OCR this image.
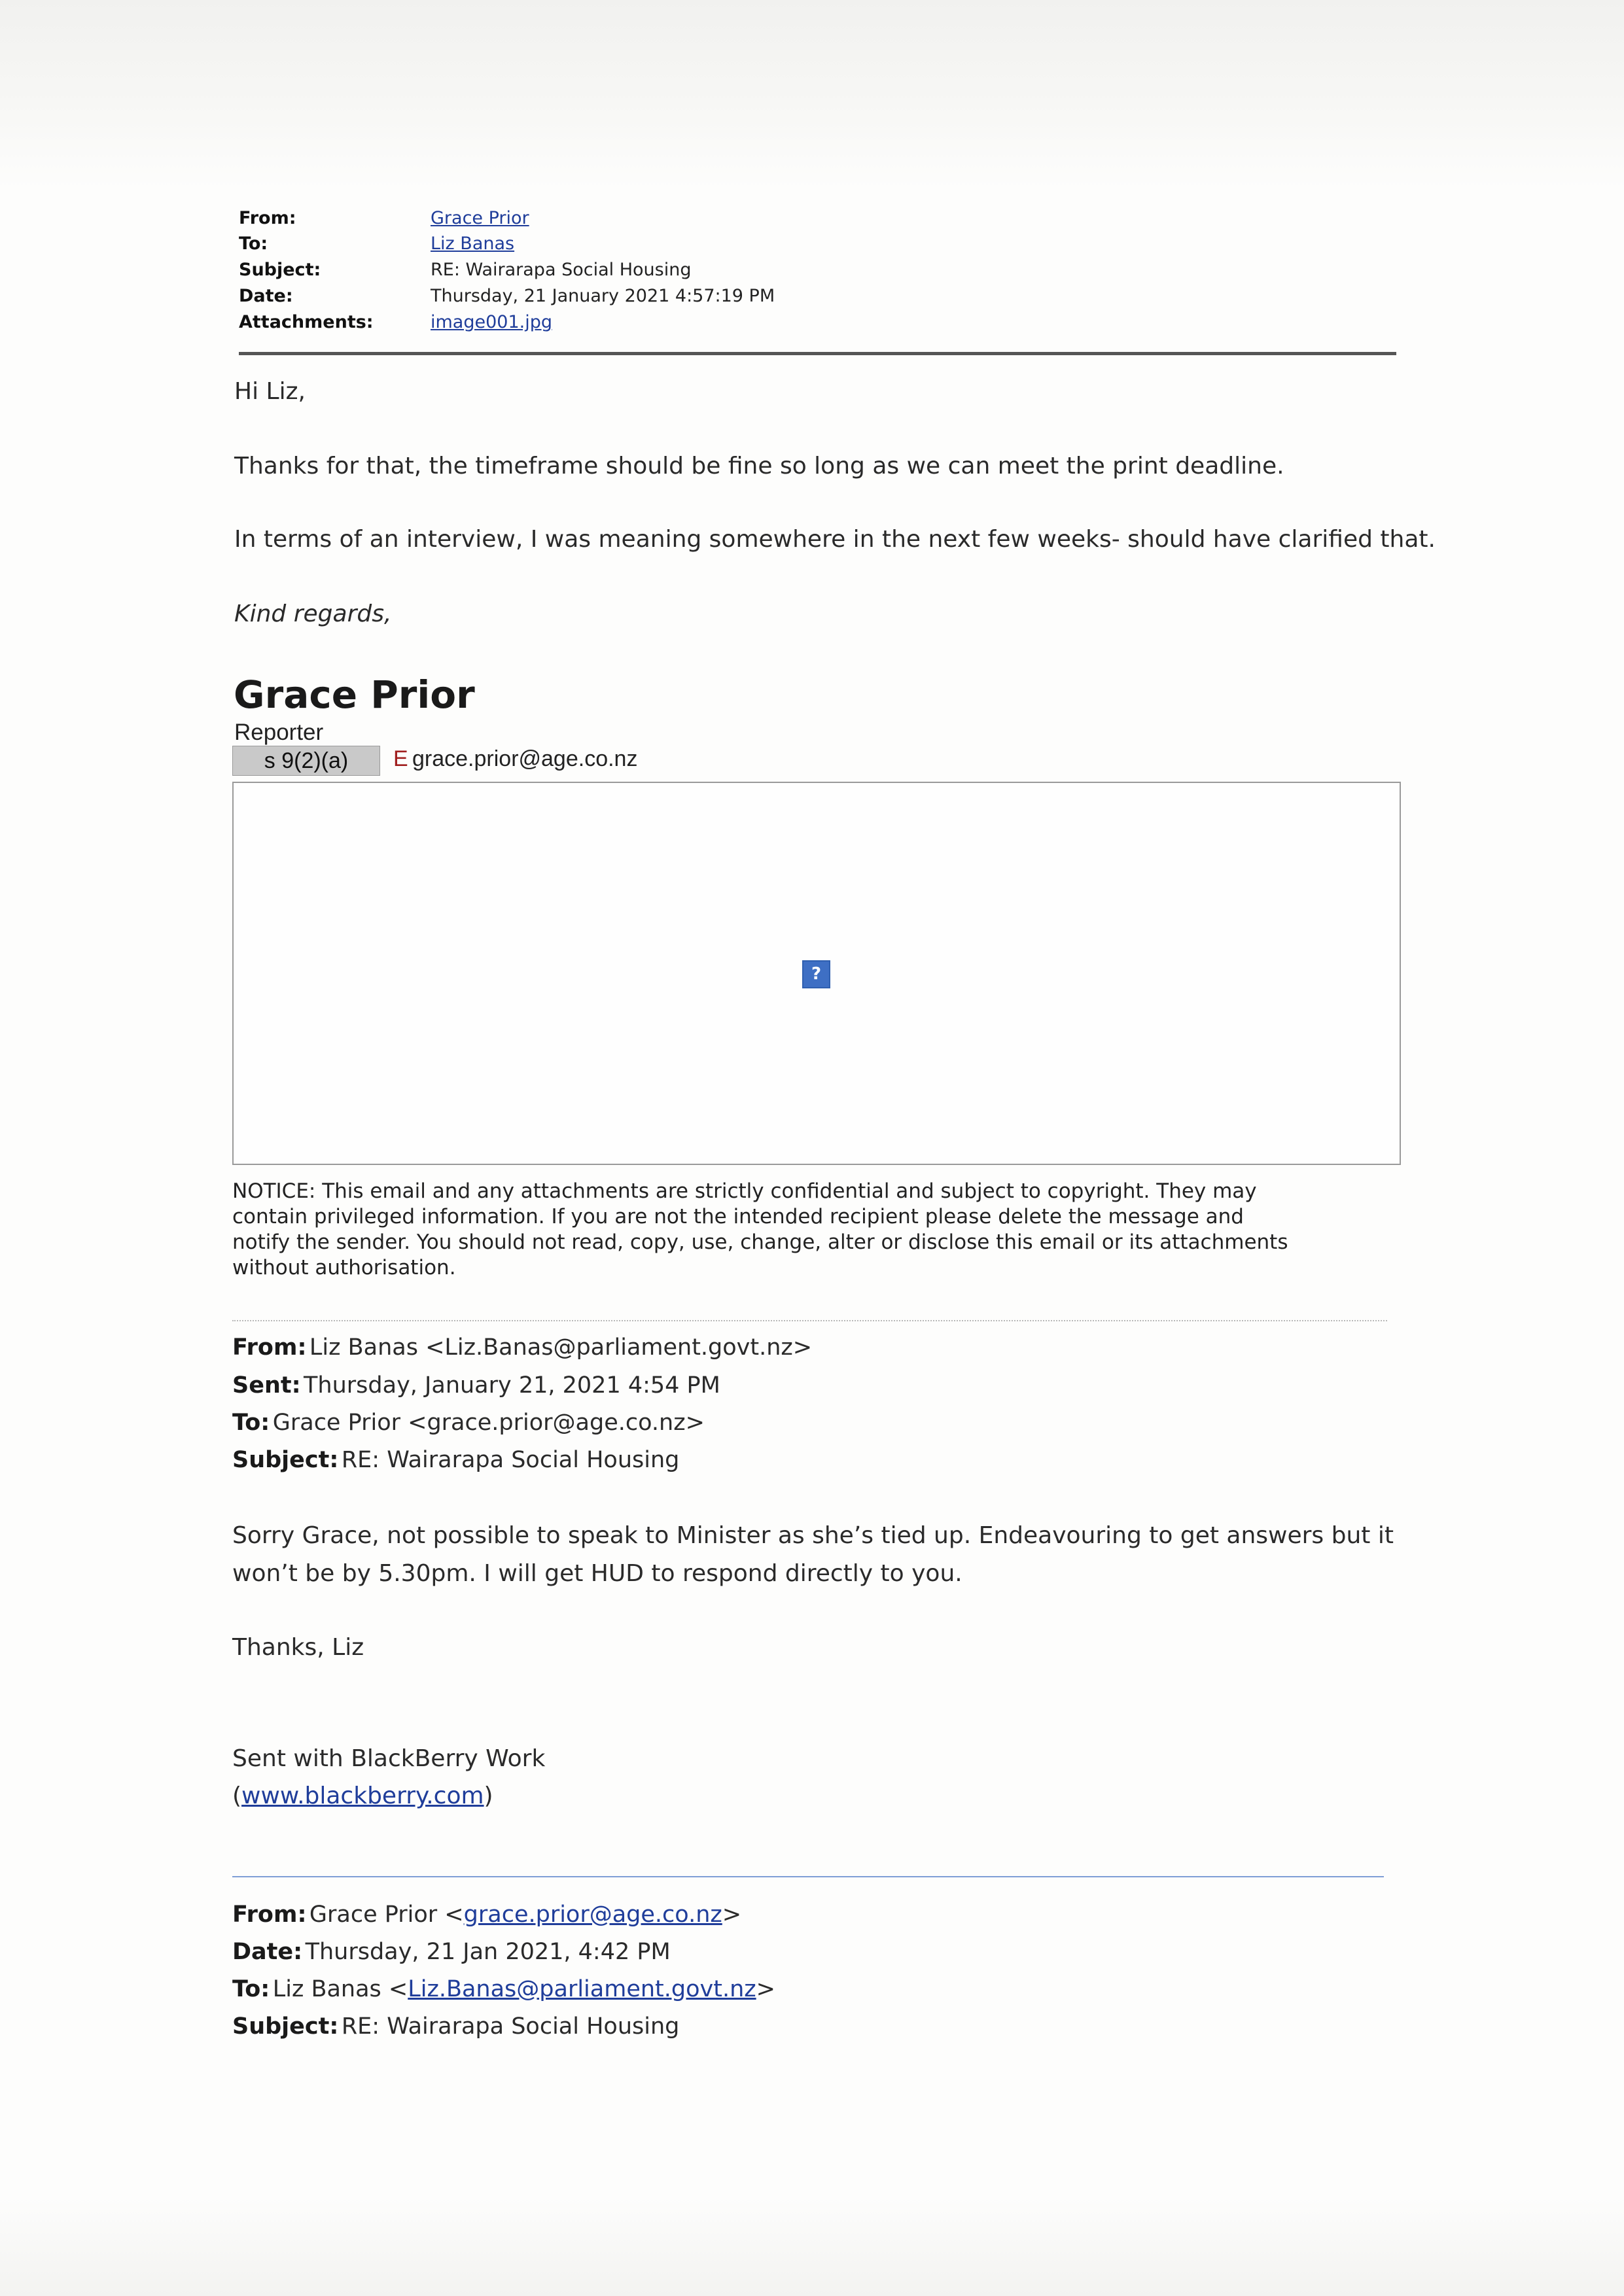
From:	Grace Prior
To:	Liz Banas
Subject:	RE: Wairarapa Social Housing
Date:	Thursday, 21 January 2021 4:57:19 PM
Attachments:	image001.jpg
Hi Liz,
Thanks for that, the timeframe should be fine so long as we can meet the print deadline.
In terms of an interview, I was meaning somewhere in the next few weeks- should have clarified that.
Kind regards,
Grace Prior
Reporter
s 9(2)(a)	E grace.prior@age.co.nz
?
NOTICE: This email and any attachments are strictly confidential and subject to copyright. They may
contain privileged information. If you are not the intended recipient please delete the message and
notify the sender. You should not read, copy, use, change, alter or disclose this email or its attachments
without authorisation.
From: Liz Banas <Liz.Banas@parliament.govt.nz>
Sent: Thursday, January 21, 2021 4:54 PM
To: Grace Prior <grace.prior@age.co.nz>
Subject: RE: Wairarapa Social Housing
Sorry Grace, not possible to speak to Minister as she’s tied up. Endeavouring to get answers but it
won’t be by 5.30pm. I will get HUD to respond directly to you.
Thanks, Liz
Sent with BlackBerry Work
(www.blackberry.com)
From: Grace Prior <grace.prior@age.co.nz>
Date: Thursday, 21 Jan 2021, 4:42 PM
To: Liz Banas <Liz.Banas@parliament.govt.nz>
Subject: RE: Wairarapa Social Housing
